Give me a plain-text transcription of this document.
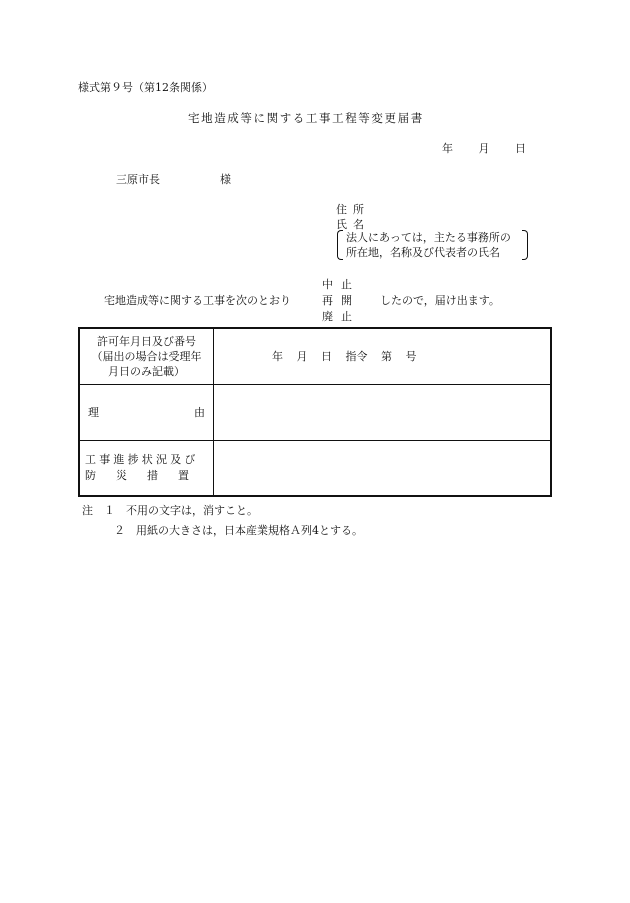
様式第９号（第12条関係）
宅地造成等に関する工事工程等変更届書
年 月 日
三原市長	様
住所
氏名
法人にあっては，主たる事務所の
所在地，名称及び代表者の氏名
中止
宅地造成等に関する工事を次のとおり	再開 したので，届け出ます。
廃止
許可年月日及び番号
（届出の場合は受理年
月日のみ記載）	年 月 日 指令 第 号

理 由	

工事進捗状況及び
防災措置	

注　１　不用の文字は，消すこと。
２　用紙の大きさは，日本産業規格Ａ列4とする。
